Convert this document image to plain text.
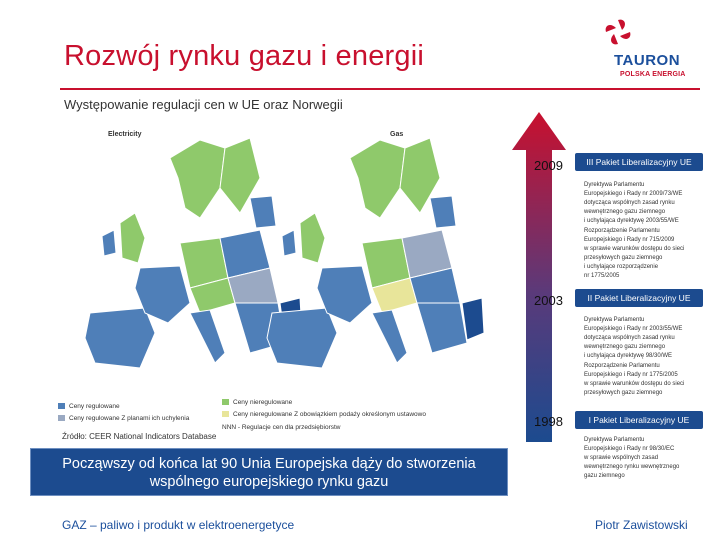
Rozwój rynku gazu i energii	TAURON
POLSKA ENERGIA
Występowanie regulacji cen w UE oraz Norwegii
Electricity	Gas
Ceny regulowane
Ceny regulowane Z planami ich uchylenia
Ceny nieregulowane
Ceny nieregulowane Z obowiązkiem podaży określonym ustawowo
NNN - Regulacje cen dla przedsiębiorstw
Źródło: CEER National Indicators Database
Począwszy od końca lat 90 Unia Europejska dąży do stworzenia
wspólnego europejskiego rynku gazu
2009	III Pakiet Liberalizacyjny UE
Dyrektywa Parlamentu
Europejskiego i Rady nr 2009/73/WE
dotycząca wspólnych zasad rynku
wewnętrznego gazu ziemnego
i uchylająca dyrektywę 2003/55/WE
Rozporządzenie Parlamentu
Europejskiego i Rady nr 715/2009
w sprawie warunków dostępu do sieci
przesyłowych gazu ziemnego
i uchylające rozporządzenie
nr 1775/2005
2003	II Pakiet Liberalizacyjny UE
Dyrektywa Parlamentu
Europejskiego i Rady nr 2003/55/WE
dotycząca wspólnych zasad rynku
wewnętrznego gazu ziemnego
i uchylająca dyrektywę 98/30/WE
Rozporządzenie Parlamentu
Europejskiego i Rady nr 1775/2005
w sprawie warunków dostępu do sieci
przesyłowych gazu ziemnego
1998	I Pakiet Liberalizacyjny UE
Dyrektywa Parlamentu
Europejskiego i Rady nr 98/30/EC
w sprawie wspólnych zasad
wewnętrznego rynku wewnętrznego
gazu ziemnego
GAZ – paliwo i produkt w elektroenergetyce	Piotr Zawistowski
